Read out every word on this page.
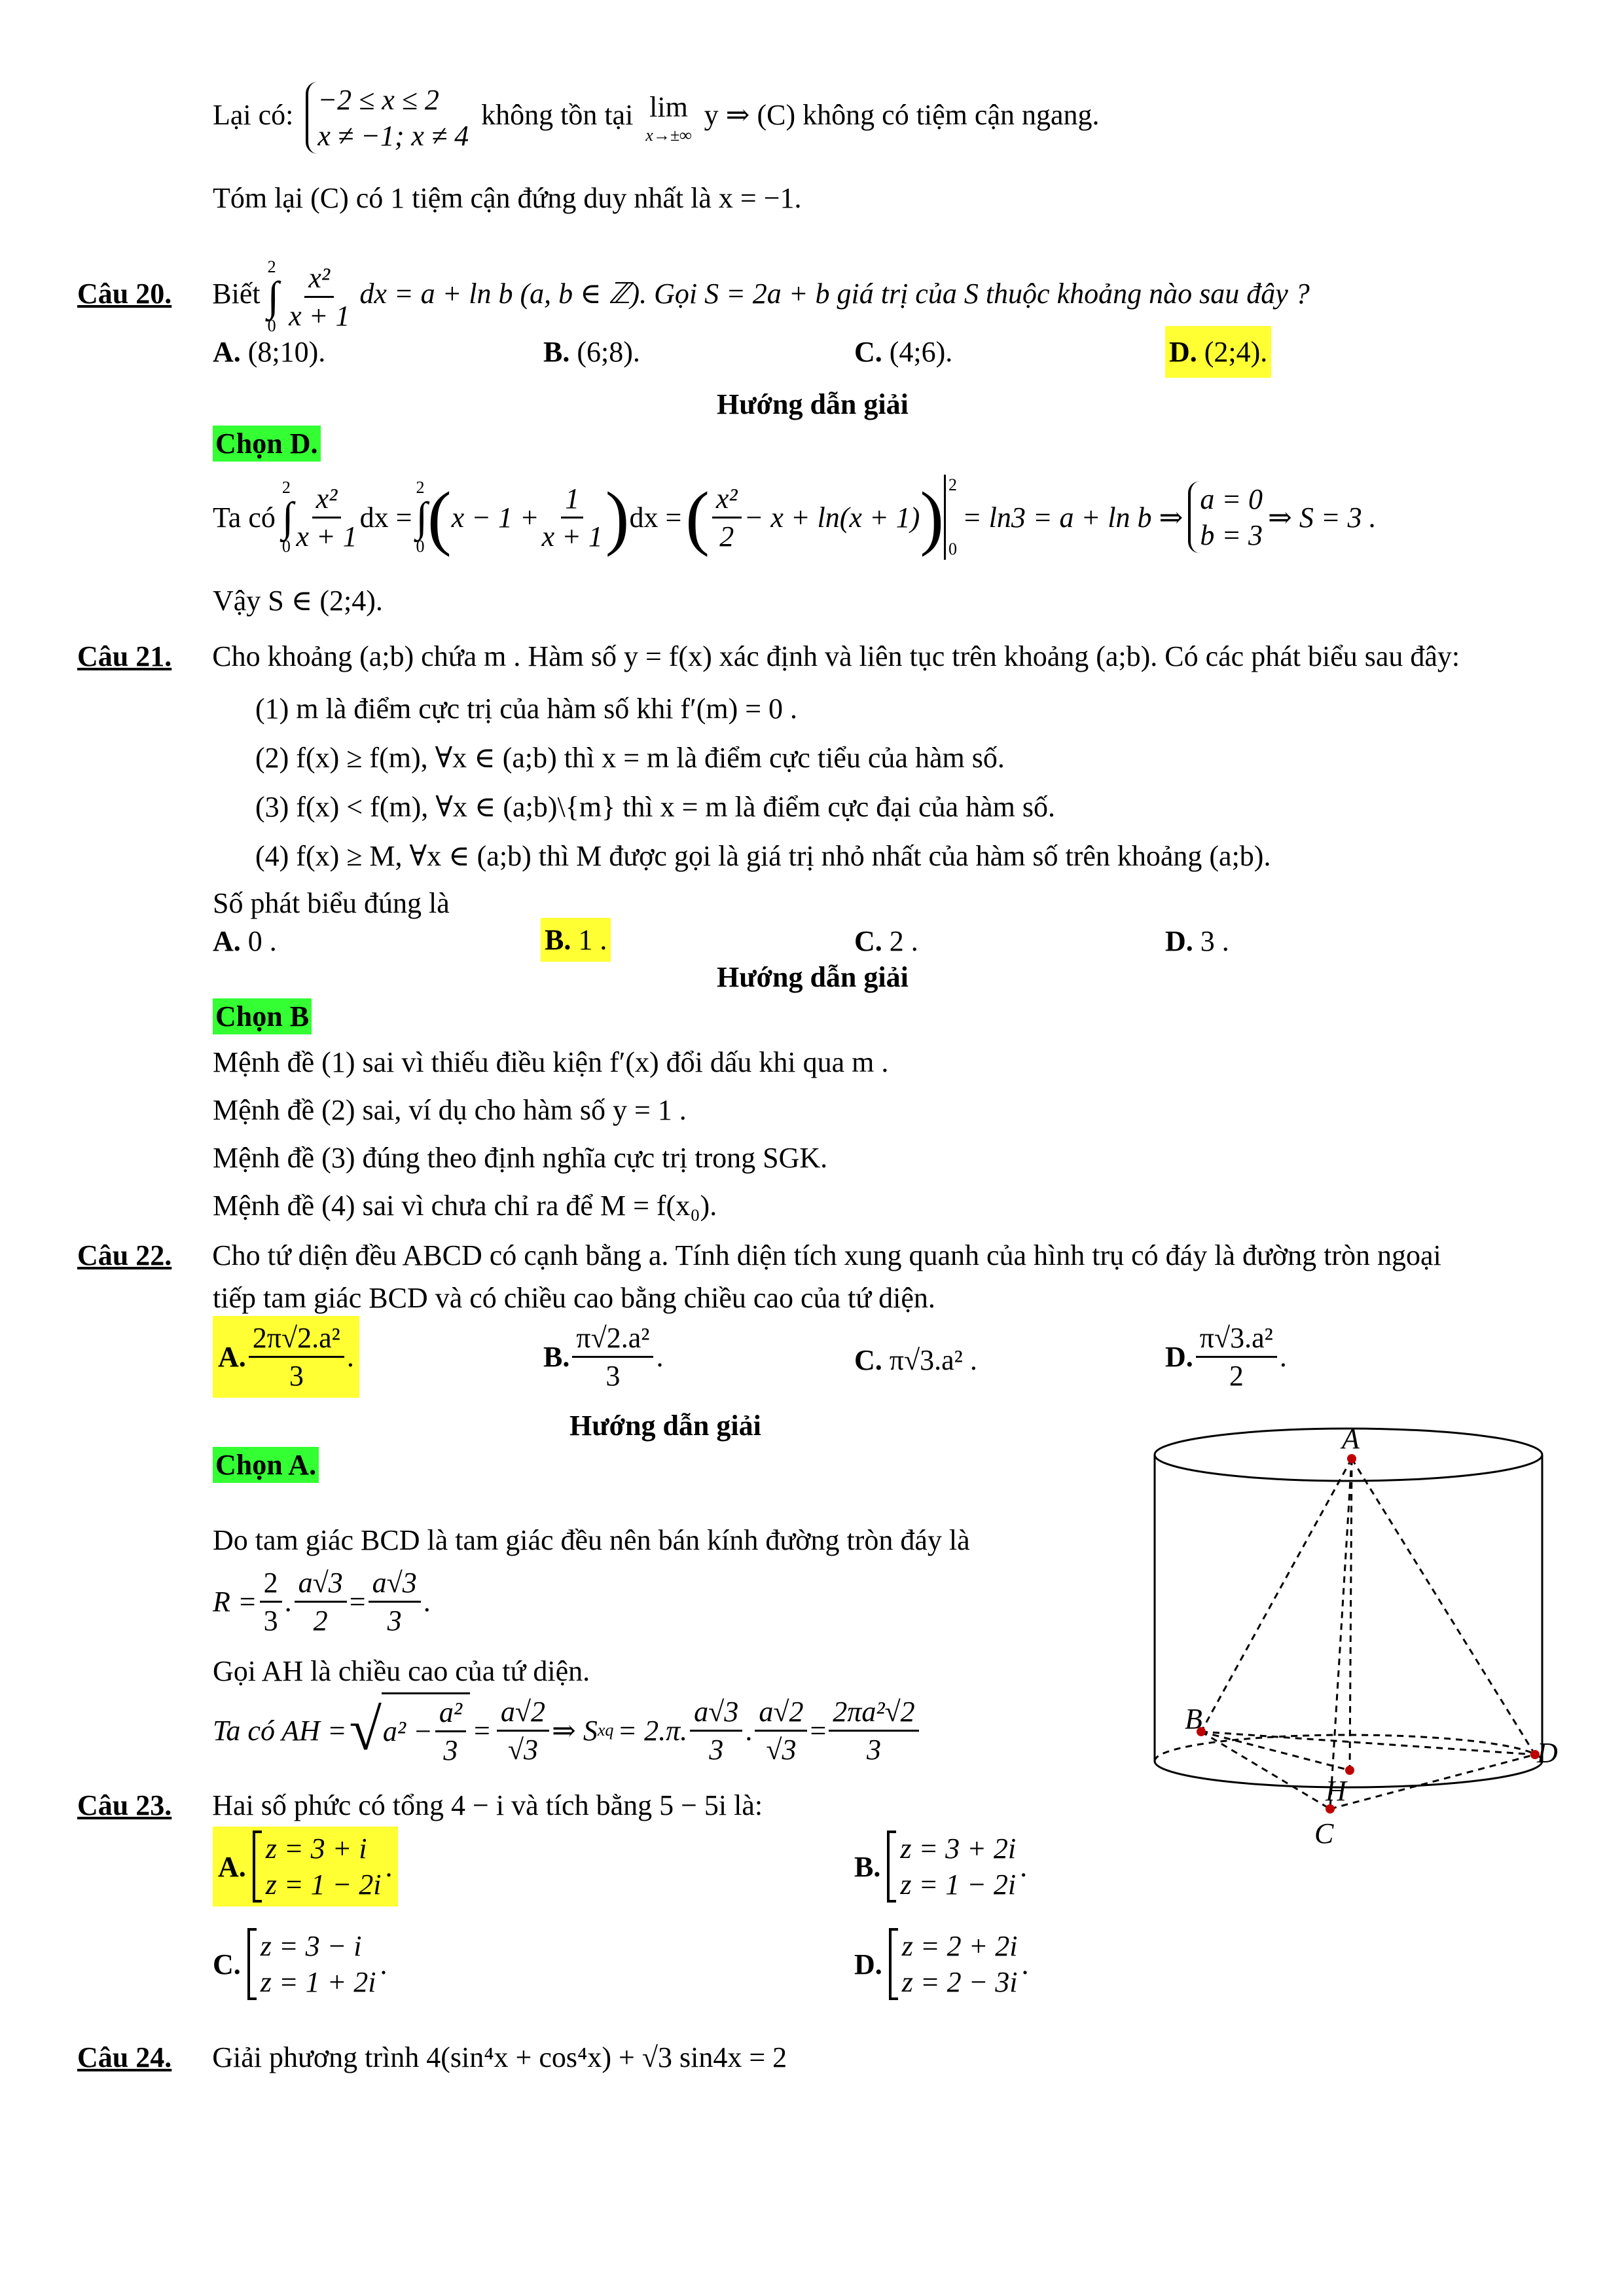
Lại có: −2 ≤ x ≤ 2
x ≠ −1; x ≠ 4
không tồn tại lim
x→±∞
y ⇒ (C) không có tiệm cận ngang.
Tóm lại (C) có 1 tiệm cận đứng duy nhất là x = −1.
Câu 20. Biết
2
∫
0
$\frac{\text{x²}}{x + 1}$ dx = a + ln b (a, b ∈ ℤ). Gọi S = 2a + b giá trị của S thuộc khoảng nào sau đây ?
A. (8;10).	B. (6;8).	C. (4;6).	D. (2;4).
Hướng dẫn giải
Chọn D.
Ta có
2
∫
$0 \frac{\text{x²}}{x + 1}$ dx =
2
∫
0 ( $x - 1 + \frac{1}{x + 1}$ ) dx = ( $\frac{\text{x²}}{2} - x + \ln(x + 1)$ ) 2
0
= ln3 = a + ln b ⇒
a = 0
b = 3
⇒ S = 3 .
Vậy S ∈ (2;4).
Câu 21. Cho khoảng (a;b) chứa m . Hàm số y = f(x) xác định và liên tục trên khoảng (a;b). Có các phát biểu sau đây:
(1) m là điểm cực trị của hàm số khi f′(m) = 0 .
(2) f(x) ≥ f(m), ∀x ∈ (a;b) thì x = m là điểm cực tiểu của hàm số.
(3) f(x) < f(m), ∀x ∈ (a;b)\{m} thì x = m là điểm cực đại của hàm số.
(4) f(x) ≥ M, ∀x ∈ (a;b) thì M được gọi là giá trị nhỏ nhất của hàm số trên khoảng (a;b).
Số phát biểu đúng là
A. 0 .	B. 1 .	C. 2 .	D. 3 .
Hướng dẫn giải
Chọn B
Mệnh đề (1) sai vì thiếu điều kiện f′(x) đổi dấu khi qua m .
Mệnh đề (2) sai, ví dụ cho hàm số y = 1 .
Mệnh đề (3) đúng theo định nghĩa cực trị trong SGK.
Mệnh đề (4) sai vì chưa chỉ ra để M = f(x₀).
Câu 22. Cho tứ diện đều ABCD có cạnh bằng a. Tính diện tích xung quanh của hình trụ có đáy là đường tròn ngoại
tiếp tam giác BCD và có chiều cao bằng chiều cao của tứ diện.
A. $\frac{\text{2π√2.a²}}{3}$ .	B. $\frac{\text{π√2.a²}}{3}$ .	C. π√3.a² .	D. $\frac{\text{π√3.a²}}{2}$ .
Hướng dẫn giải
Chọn A.
Do tam giác BCD là tam giác đều nên bán kính đường tròn đáy là
$R = \frac{2}{3}$ . $\frac{a√3}{2} = \frac{a√3}{3}$ .
Gọi AH là chiều cao của tứ diện.
Ta có AH = √ $a^2 - \frac{\text{a²}}{3} = \frac{a√2}{√3}$ ⇒ S xq = 2.π. $\frac{a√3}{3}$ . $\frac{a√2}{√3} = \frac{\text{2πa²√2}}{3}$
A
B
C
D
H
Câu 23. Hai số phức có tổng 4 − i và tích bằng 5 − 5i là:
A.
z = 3 + i
z = 1 − 2i
.	B.
z = 3 + 2i
z = 1 − 2i
.
C.
z = 3 − i
z = 1 + 2i
.	D.
z = 2 + 2i
z = 2 − 3i
.
Câu 24. Giải phương trình 4(sin⁴x + cos⁴x) + √3 sin4x = 2
